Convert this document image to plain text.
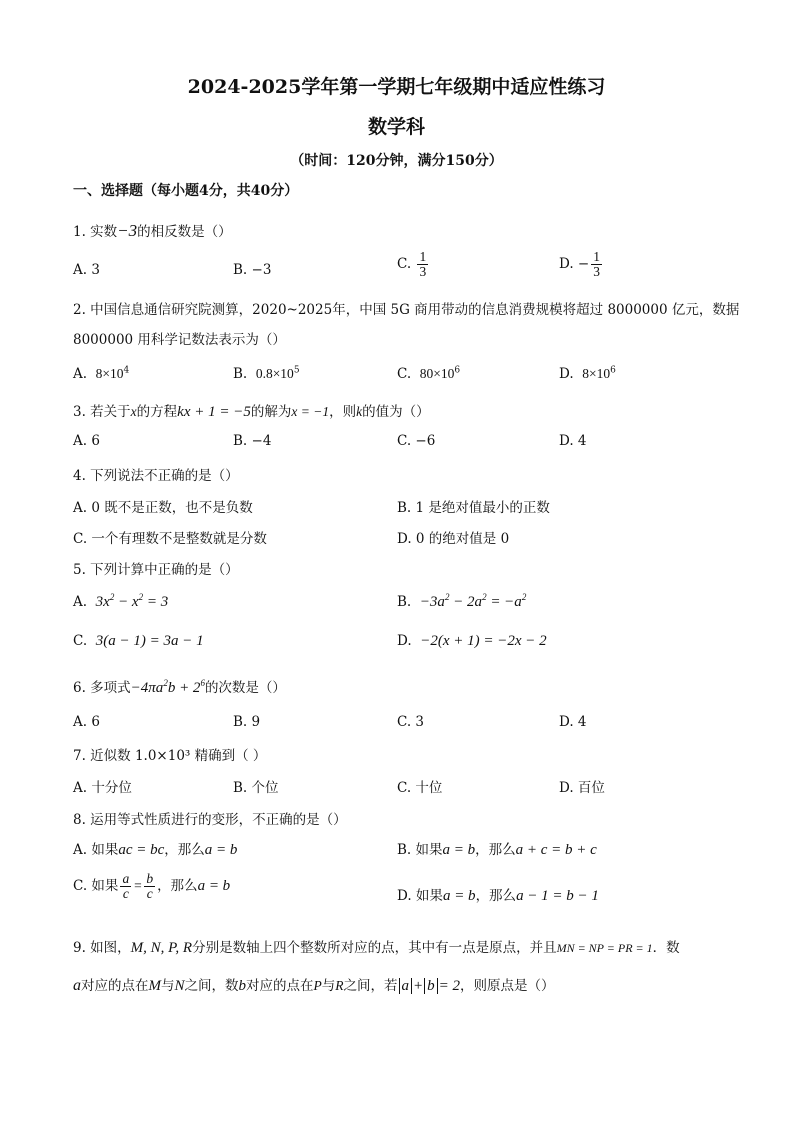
2024-2025学年第一学期七年级期中适应性练习
数学科
（时间：120分钟，满分150分）
一、选择题（每小题4分，共40分）
1. 实数−3的相反数是（）
A. 3	B. −3	C. $\frac{1}{3}$	D. − $\frac{1}{3}$
2. 中国信息通信研究院测算，2020~2025年，中国 5G 商用带动的信息消费规模将超过 8000000 亿元，数据
8000000 用科学记数法表示为（）
A. $8\times 10^4$	B. $0.8\times 10^5$	C. $80\times 10^6$	D. $8\times 10^6$
3. 若关于x的方程kx + 1 = −5的解为x = −1，则k的值为（）
A. 6	B. −4	C. −6	D. 4
4. 下列说法不正确的是（）
A. 0 既不是正数，也不是负数	B. 1 是绝对值最小的正数
C. 一个有理数不是整数就是分数	D. 0 的绝对值是 0
5. 下列计算中正确的是（）
A. $3x^2 - x^2 = 3$	B. $-3a^2 - 2a^2 = -a^2$
C. 3(a − 1) = 3a − 1	D. −2(x + 1) = −2x − 2
6. 多项式$-4\pi a^2b + 2^6$的次数是（）
A. 6	B. 9	C. 3	D. 4
7. 近似数 1.0×10³ 精确到（ ）
A. 十分位	B. 个位	C. 十位	D. 百位
8. 运用等式性质进行的变形，不正确的是（）
A. 如果ac = bc，那么a = b	B. 如果a = b，那么a + c = b + c
C. 如果 $\frac{a}{c} = \frac{b}{c}$ ，那么a = b
D. 如果a = b，那么a − 1 = b − 1
9. 如图，M, N, P, R分别是数轴上四个整数所对应的点，其中有一点是原点，并且MN = NP = PR = 1．数
a对应的点在M与N之间，数b对应的点在P与R之间，若 a + b = 2，则原点是（）
